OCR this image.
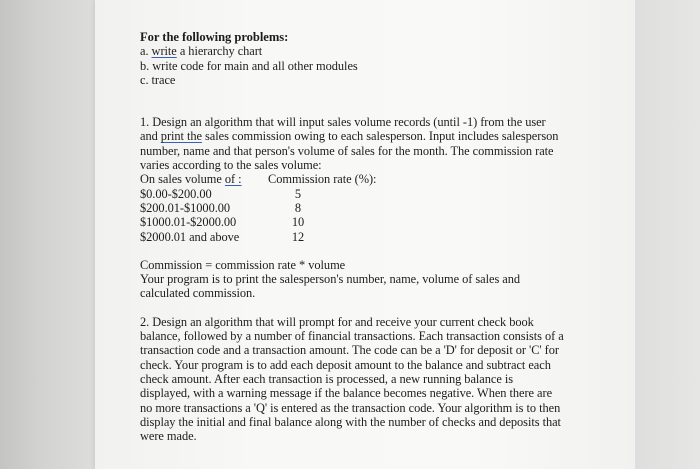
For the following problems:
a. write a hierarchy chart
b. write code for main and all other modules
c. trace
1. Design an algorithm that will input sales volume records (until -1) from the user
and print the sales commission owing to each salesperson. Input includes salesperson
number, name and that person's volume of sales for the month. The commission rate
varies according to the sales volume:
On sales volume of :	Commission rate (%):
$0.00-$200.00	5
$200.01-$1000.00	8
$1000.01-$2000.00	10
$2000.01 and above	12
Commission = commission rate * volume
Your program is to print the salesperson's number, name, volume of sales and
calculated commission.
2. Design an algorithm that will prompt for and receive your current check book
balance, followed by a number of financial transactions. Each transaction consists of a
transaction code and a transaction amount. The code can be a 'D' for deposit or 'C' for
check. Your program is to add each deposit amount to the balance and subtract each
check amount. After each transaction is processed, a new running balance is
displayed, with a warning message if the balance becomes negative. When there are
no more transactions a 'Q' is entered as the transaction code. Your algorithm is to then
display the initial and final balance along with the number of checks and deposits that
were made.
